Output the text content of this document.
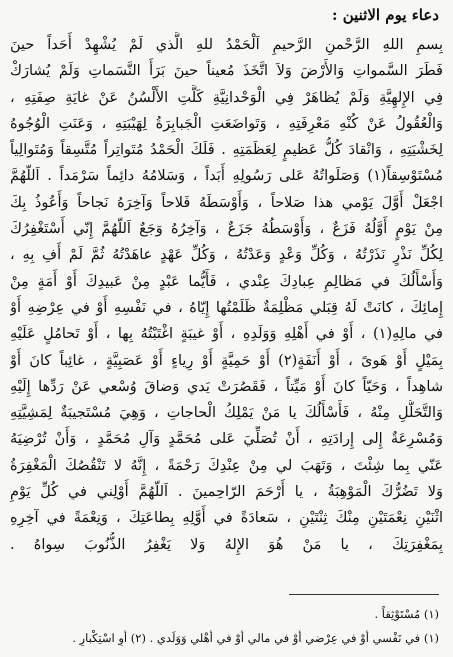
دعاء يوم الاثنين :
بِسمِ اللهِ الرَّحْمنِ الرَّحيمِ اَلْحَمْدُ للهِ الَّذي لَمْ يُشْهِدْ أَحَداً حينَ
فَطَرَ السَّمواتِ وَالأَرْضَ وَلاَ اتَّخَذَ مُعيناً حينَ بَرَأَ النَّسَماتِ وَلَمْ يُشارَكْ
فِي الإِلهِيَّةِ وَلَمْ يُظاهَرْ فِي الْوَحْدانِيَّةِ كَلَّتِ الأَلْسُنُ عَنْ غايَةِ صِفَتِهِ ،
وَالْعُقُولُ عَنْ كُنْهِ مَعْرِفَتِهِ ، وَتَواضَعَتِ الْجَبابِرَةُ لِهَيْبَتِهِ ، وَعَنَتِ الْوُجُوهُ
لِخَشْيَتِهِ ، وَانْقادَ كُلُّ عَظيمٍ لِعَظَمَتِهِ . فَلَكَ الْحَمْدُ مُتَواتِراً مُتَّسِقاً وَمُتَوالِياً
مُسْتَوْسِقاً(١) وَصَلَواتُهُ عَلى رَسُولِهِ أَبَداً ، وَسَلامُهُ دائِماً سَرْمَداً . اَللّهُمَّ
اجْعَلْ أَوَّلَ يَوْمي هذا صَلاحاً ، وَأَوْسَطَهُ فَلاحاً وَآخِرَهُ نَجاحاً وَأَعُوذُ بِكَ
مِنْ يَوْمٍ أَوَّلُهُ فَزَعٌ ، وَأَوْسَطُهُ جَزَعٌ ، وَآخِرُهُ وَجَعٌ اَللّهُمَّ إِنّي أَسْتَغْفِرُكَ
لِكُلِّ نَذْرٍ نَذَرْتُهُ ، وَكُلِّ وَعْدٍ وَعَدْتُهُ ، وَكُلِّ عَهْدٍ عاهَدْتُهُ ثُمَّ لَمْ أَفِ بِهِ ،
وَأَسْأَلُكَ في مَظالِمِ عِبادِكَ عِنْدي ، فَأَيُّما عَبْدٍ مِنْ عَبيدِكَ أَوْ أَمَةٍ مِنْ
إِمائِكَ ، كانَتْ لَهُ قِبَلي مَظْلِمَةٌ ظَلَمْتُها إِيّاهُ ، في نَفْسِهِ أَوْ في عِرْضِهِ أَوْ
في مالِهِ(١) ، أَوْ في أَهْلِهِ وَوَلَدِهِ ، أَوْ غيبَةٍ اغْتَبْتُهُ بِها ، أَوْ تَحامُلٍ عَلَيْهِ
بِمَيْلٍ أَوْ هَوىً ، أَوْ أَنَفَةٍ(٢) أَوْ حَمِيَّةٍ أَوْ رِياءٍ أَوْ عَصَبِيَّةٍ ، غائِباً كانَ أَوْ
شاهِداً ، وَحَيّاً كانَ أَوْ مَيِّتاً ، فَقَصُرَتْ يَدي وَضاقَ وُسْعي عَنْ رَدِّها إِلَيْهِ
وَالتَّحَلُّلِ مِنْهُ ، فَأَسْأَلُكَ يا مَنْ يَمْلِكُ الْحاجاتِ ، وَهِيَ مُسْتَجيبَةٌ لِمَشِيَّتِهِ
وَمُسْرِعَةٌ إِلى إِرادَتِهِ ، أَنْ تُصَلِّيَ عَلى مُحَمَّدٍ وَآلِ مُحَمَّدٍ ، وَأَنْ تُرْضِيَهُ
عَنّي بِما شِئْتَ ، وَتَهَبَ لي مِنْ عِنْدِكَ رَحْمَةً ، إِنَّهُ لا تَنْقُصُكَ الْمَغْفِرَةُ
وَلا تَضُرُّكَ الْمَوْهِبَةُ ، يا أَرْحَمَ الرّاحِمينَ . اَللّهُمَّ أَوْلِني في كُلِّ يَوْمِ
اثْنَيْنِ نِعْمَتَيْنِ مِنْكَ ثِنْتَيْنِ ، سَعادَةً في أَوَّلِهِ بِطاعَتِكَ ، وَنِعْمَةً في آخِرِهِ
بِمَغْفِرَتِكَ ، يا مَنْ هُوَ الإِلهُ وَلا يَغْفِرُ الذُّنُوبَ سِواهُ .
(١) مُسْتَوْثِقاً .
(١) في نَفْسي أَوْ في عِرْضي أَوْ في مالي أَوْ في أَهْلي وَوَلَدي . (٢) أَوِ اسْتِكْبارٍ .
